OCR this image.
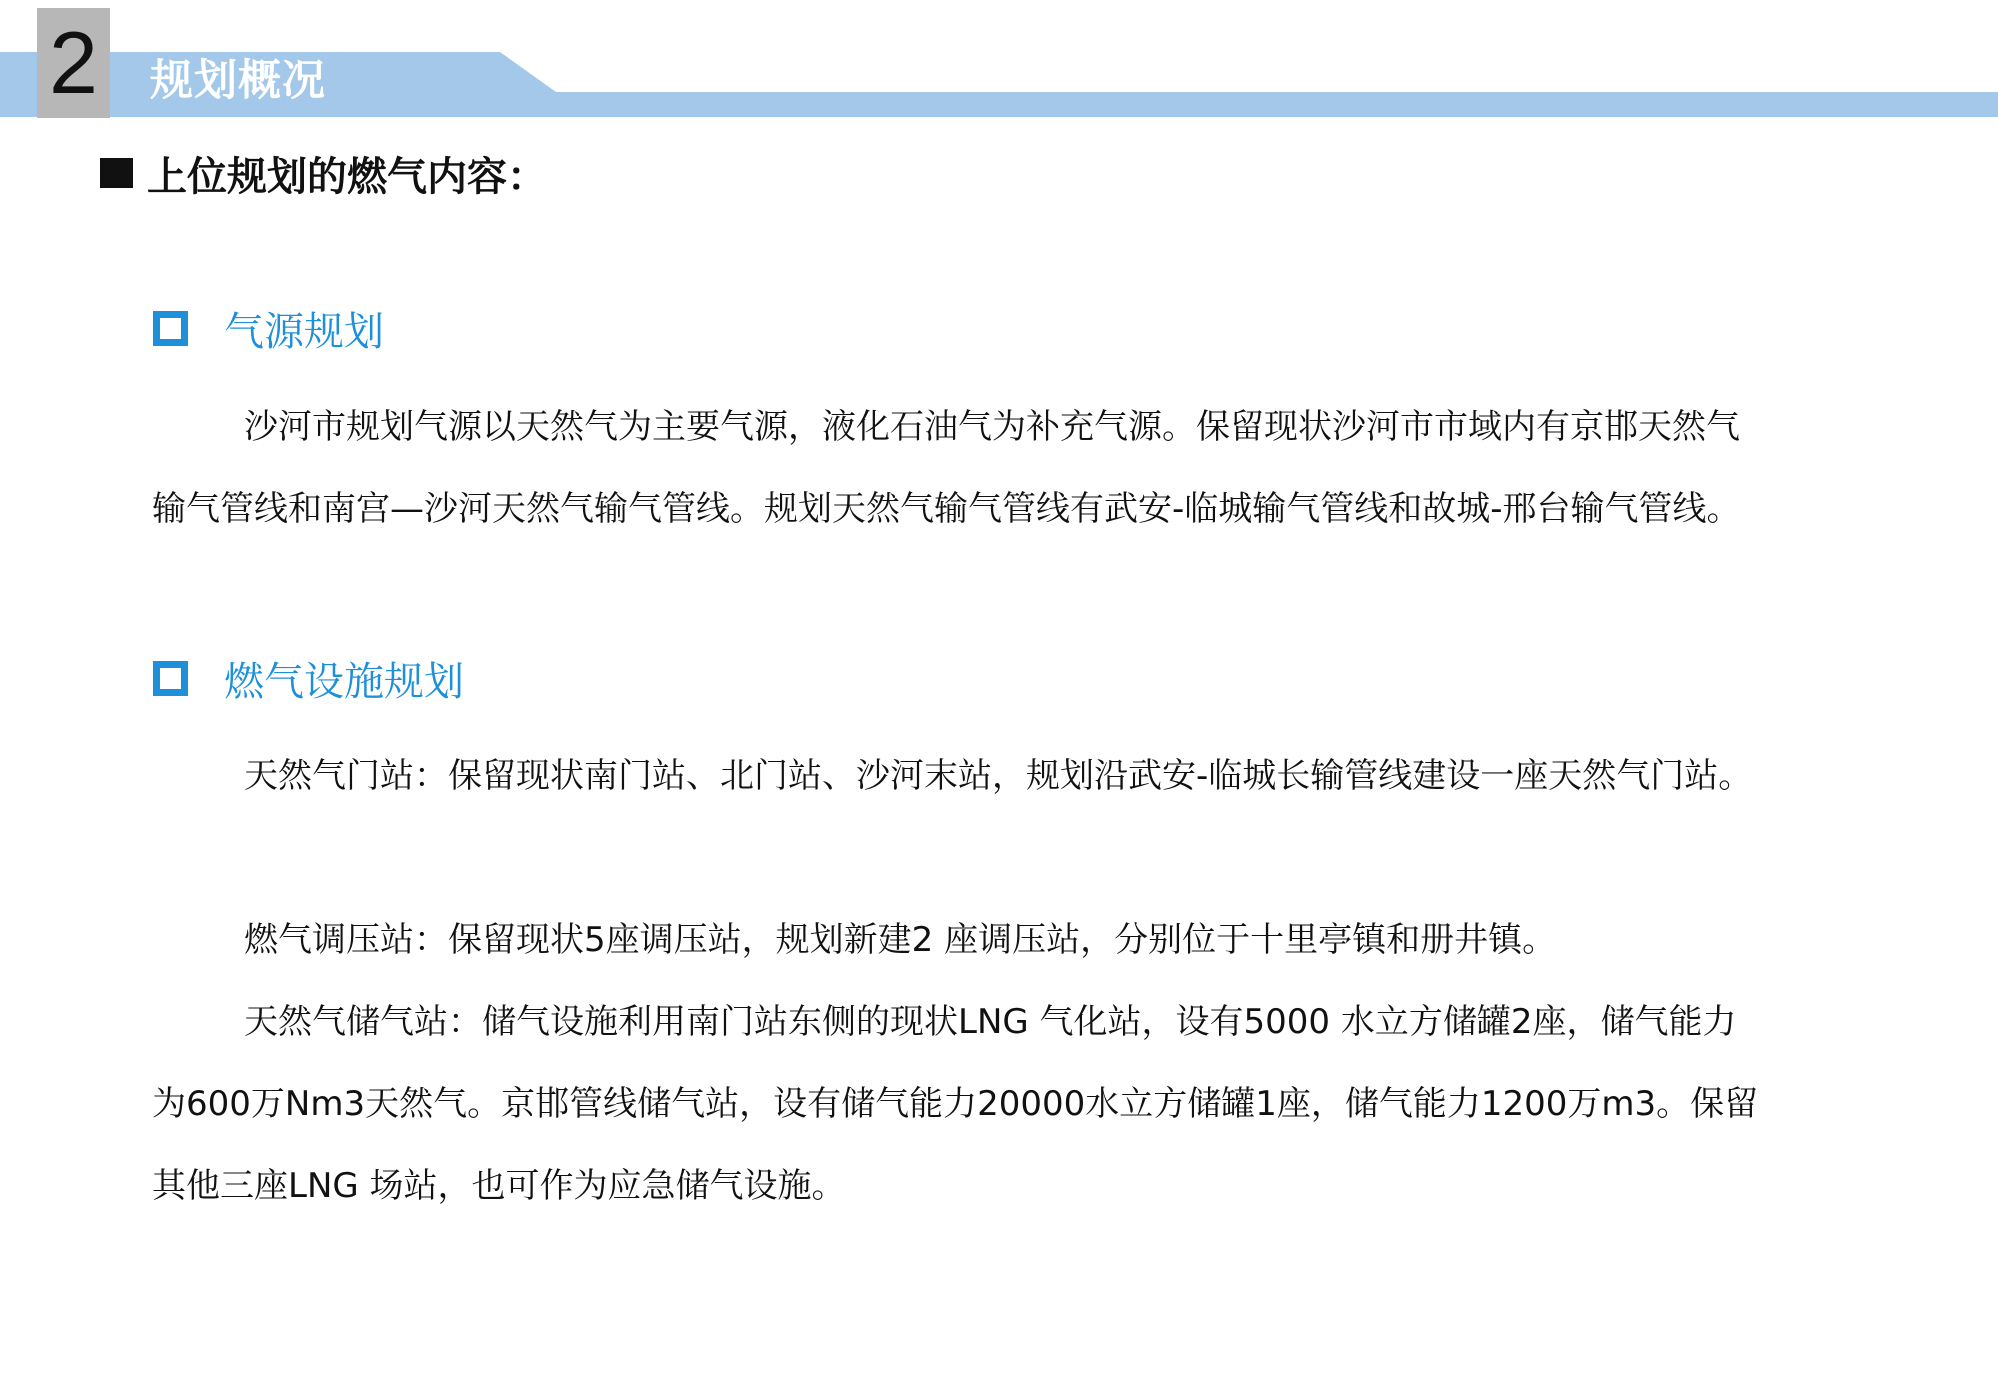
2 规划概况
上位规划的燃气内容：
气源规划

沙河市规划气源以天然气为主要气源，液化石油气为补充气源。保留现状沙河市市域内有京邯天然气输气管线和南宫—沙河天然气输气管线。规划天然气输气管线有武安-临城输气管线和故城-邢台输气管线。

燃气设施规划

天然气门站：保留现状南门站、北门站、沙河末站，规划沿武安-临城长输管线建设一座天然气门站。

燃气调压站：保留现状5座调压站，规划新建2 座调压站，分别位于十里亭镇和册井镇。

天然气储气站：储气设施利用南门站东侧的现状LNG 气化站，设有5000 水立方储罐2座，储气能力为600万Nm3天然气。京邯管线储气站，设有储气能力20000水立方储罐1座，储气能力1200万m3。保留其他三座LNG 场站，也可作为应急储气设施。
